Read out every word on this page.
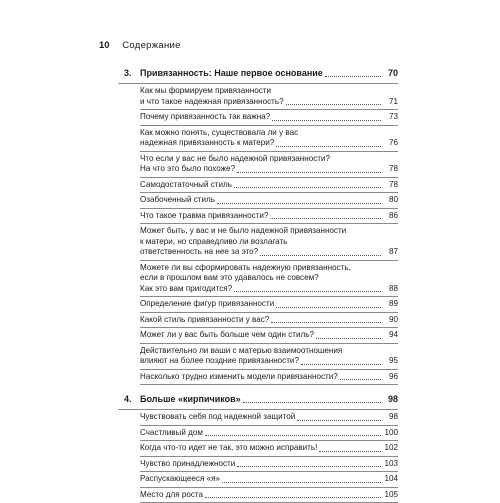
10 Содержание
3. Привязанность: Наше первое основание	70
Как мы формируем привязанности
и что такое надежная привязанность?	71
Почему привязанность так важна?	73
Как можно понять, существовала ли у вас
надежная привязанность к матери?	76
Что если у вас не было надежной привязанности?
На что это было похоже?	78
Самодостаточный стиль	78
Озабоченный стиль	80
Что такое травма привязанности?	86
Может быть, у вас и не было надежной привязанности
к матери, но справедливо ли возлагать
ответственность на нее за это?	87
Можете ли вы сформировать надежную привязанность,
если в прошлом вам это удавалось не совсем?
Как это вам пригодится?	88
Определение фигур привязанности	89
Какой стиль привязанности у вас?	90
Может ли у вас быть больше чем один стиль?	94
Действительно ли ваши с матерью взаимоотношения
влияют на более поздние привязанности?	95
Насколько трудно изменить модели привязанности?	96
4. Больше «кирпичиков»	98
Чувствовать себя под надежной защитой	98
Счастливый дом	100
Когда что-то идет не так, это можно исправить!	102
Чувство принадлежности	103
Распускающееся «я»	104
Место для роста	105
